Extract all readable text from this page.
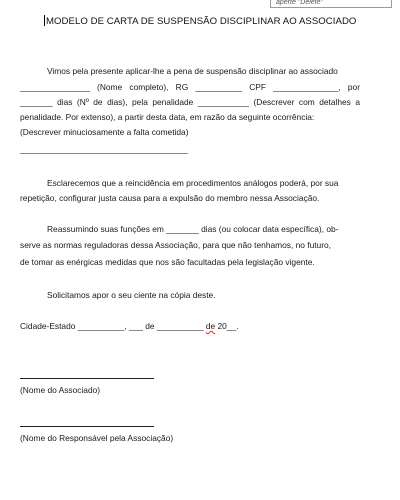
aperte "Delete"
MODELO DE CARTA DE SUSPENSÃO DISCIPLINAR AO ASSOCIADO
Vimos pela presente aplicar-lhe a pena de suspensão disciplinar ao associado
_______________ (Nome completo), RG __________ CPF ______________, por
_______ dias (Nº de dias), pela penalidade ___________ (Descrever com detalhes a
penalidade. Por extenso), a partir desta data, em razão da seguinte ocorrência:
(Descrever minuciosamente a falta cometida)
____________________________________
Esclarecemos que a reincidência em procedimentos análogos poderá, por sua
repetição, configurar justa causa para a expulsão do membro nessa Associação.
Reassumindo suas funções em _______ dias (ou colocar data específica), ob-
serve as normas reguladoras dessa Associação, para que não tenhamos, no futuro,
de tomar as enérgicas medidas que nos são facultadas pela legislação vigente.
Solicitamos apor o seu ciente na cópia deste.
Cidade-Estado __________, ___ de __________ de 20__.
(Nome do Associado)
(Nome do Responsável pela Associação)
